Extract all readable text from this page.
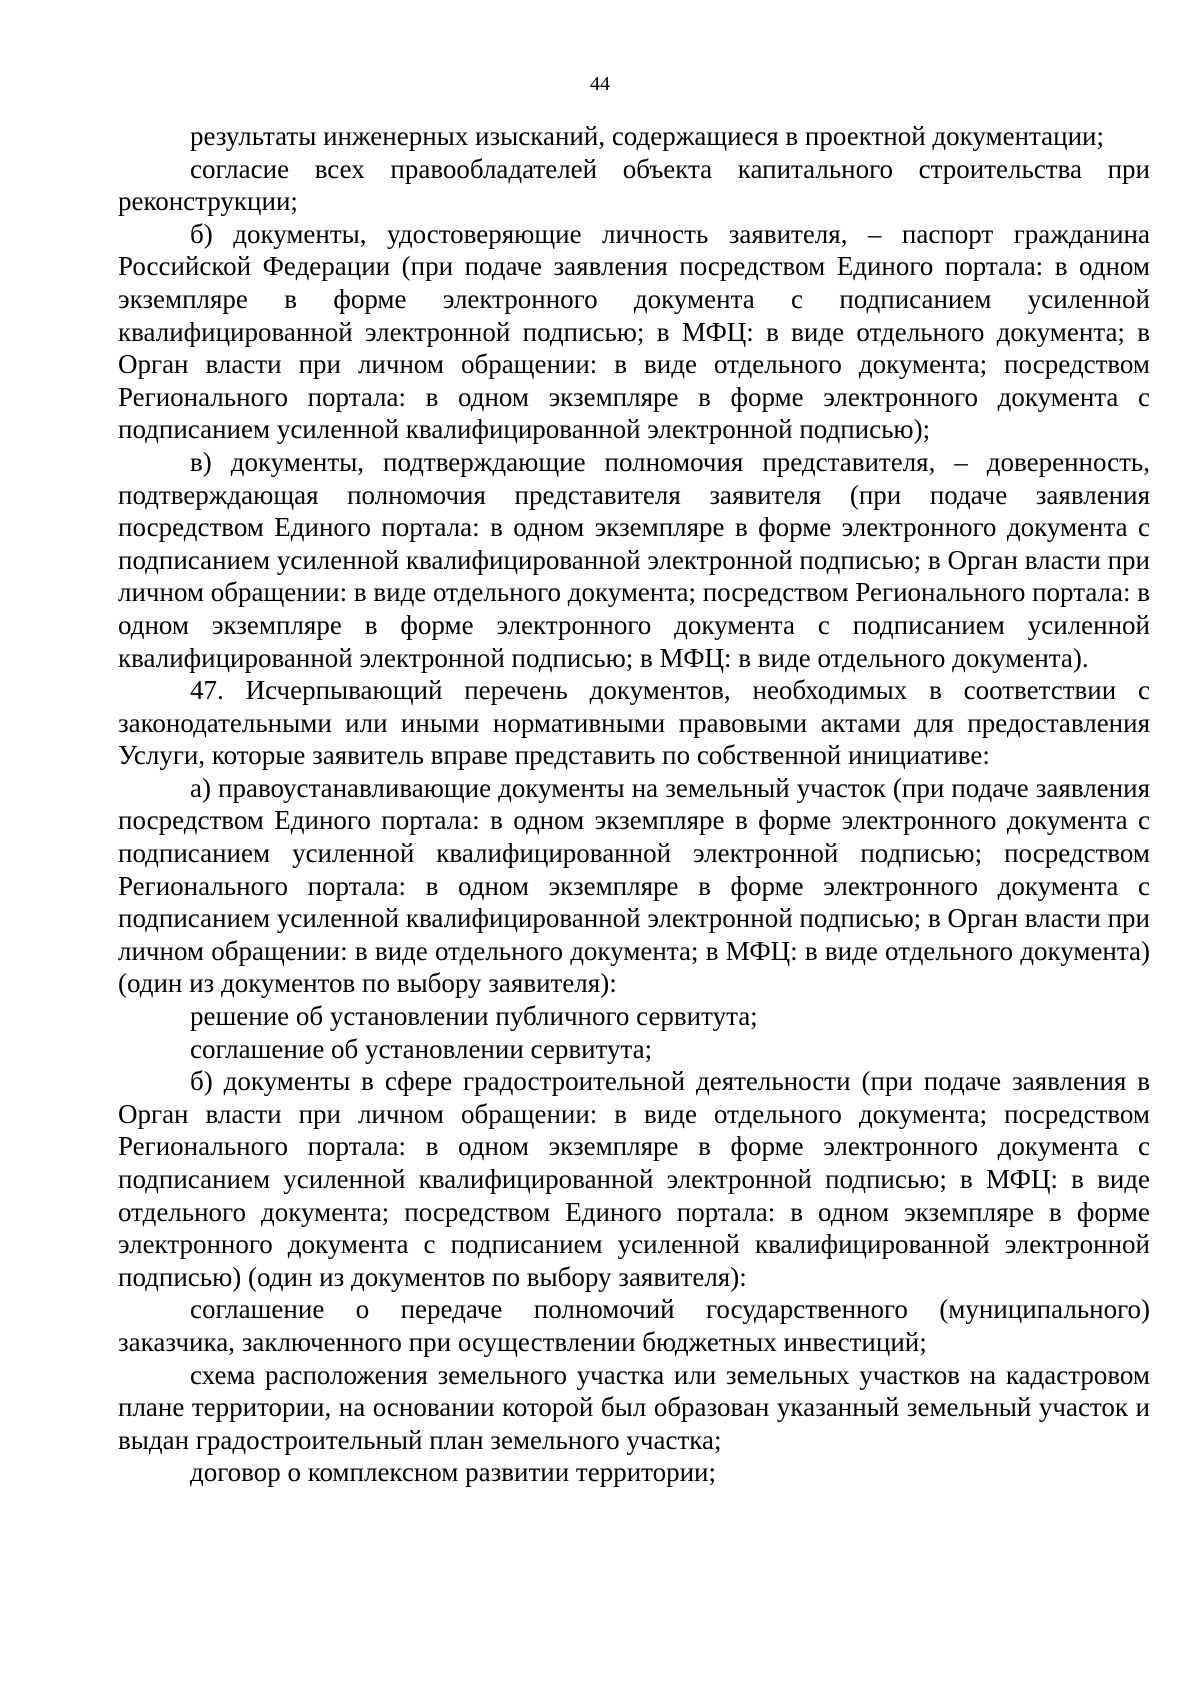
44

результаты инженерных изысканий, содержащиеся в проектной документации;

согласие всех правообладателей объекта капитального строительства при реконструкции;

б) документы, удостоверяющие личность заявителя, – паспорт гражданина Российской Федерации (при подаче заявления посредством Единого портала: в одном экземпляре в форме электронного документа с подписанием усиленной квалифицированной электронной подписью; в МФЦ: в виде отдельного документа; в Орган власти при личном обращении: в виде отдельного документа; посредством Регионального портала: в одном экземпляре в форме электронного документа с подписанием усиленной квалифицированной электронной подписью);

в) документы, подтверждающие полномочия представителя, – доверенность, подтверждающая полномочия представителя заявителя (при подаче заявления посредством Единого портала: в одном экземпляре в форме электронного документа с подписанием усиленной квалифицированной электронной подписью; в Орган власти при личном обращении: в виде отдельного документа; посредством Регионального портала: в одном экземпляре в форме электронного документа с подписанием усиленной квалифицированной электронной подписью; в МФЦ: в виде отдельного документа).

47. Исчерпывающий перечень документов, необходимых в соответствии с законодательными или иными нормативными правовыми актами для предоставления Услуги, которые заявитель вправе представить по собственной инициативе:

а) правоустанавливающие документы на земельный участок (при подаче заявления посредством Единого портала: в одном экземпляре в форме электронного документа с подписанием усиленной квалифицированной электронной подписью; посредством Регионального портала: в одном экземпляре в форме электронного документа с подписанием усиленной квалифицированной электронной подписью; в Орган власти при личном обращении: в виде отдельного документа; в МФЦ: в виде отдельного документа) (один из документов по выбору заявителя):

решение об установлении публичного сервитута;

соглашение об установлении сервитута;

б) документы в сфере градостроительной деятельности (при подаче заявления в Орган власти при личном обращении: в виде отдельного документа; посредством Регионального портала: в одном экземпляре в форме электронного документа с подписанием усиленной квалифицированной электронной подписью; в МФЦ: в виде отдельного документа; посредством Единого портала: в одном экземпляре в форме электронного документа с подписанием усиленной квалифицированной электронной подписью) (один из документов по выбору заявителя):

соглашение о передаче полномочий государственного (муниципального) заказчика, заключенного при осуществлении бюджетных инвестиций;

схема расположения земельного участка или земельных участков на кадастровом плане территории, на основании которой был образован указанный земельный участок и выдан градостроительный план земельного участка;

договор о комплексном развитии территории;
